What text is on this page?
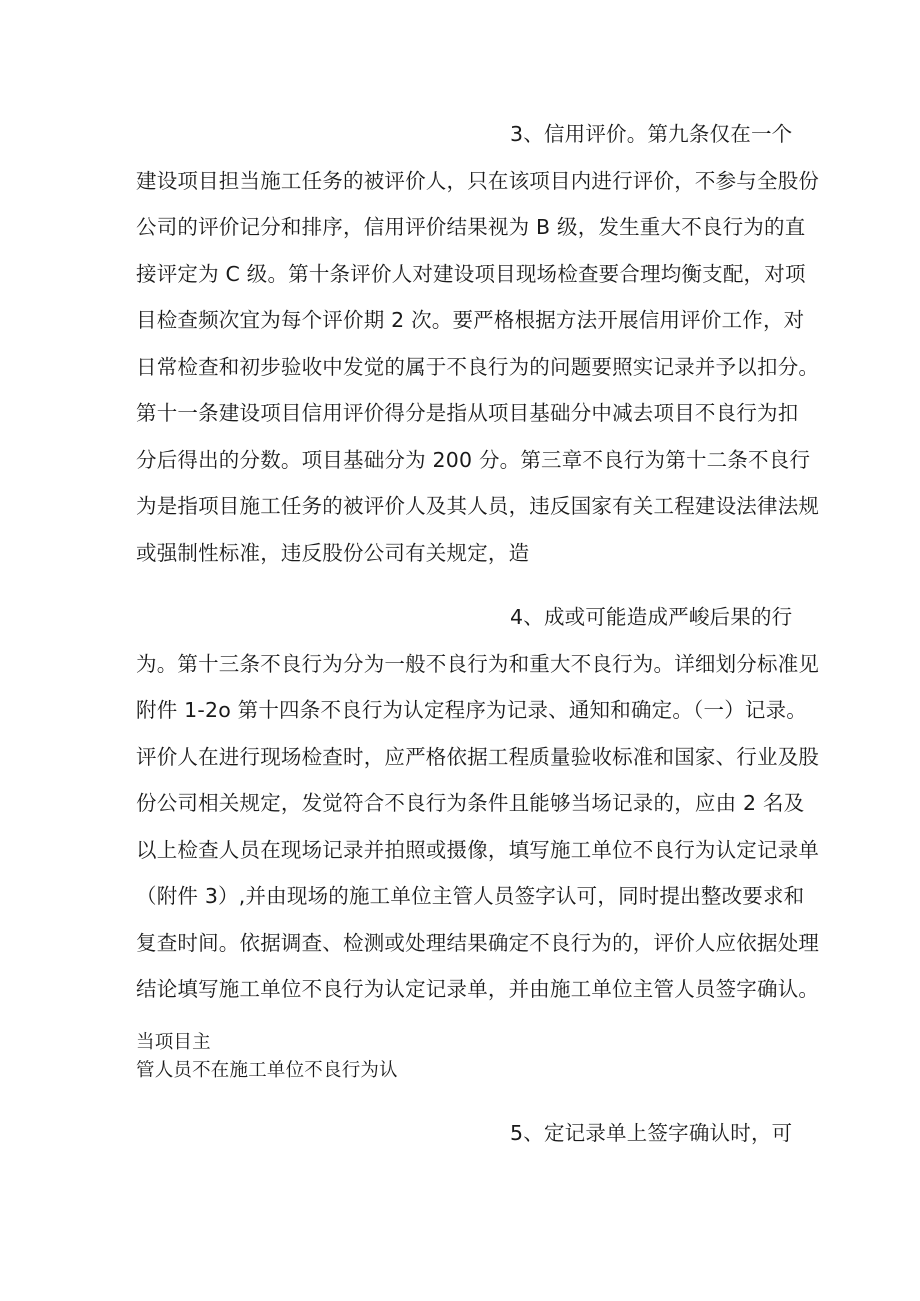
3、信用评价。第九条仅在一个
建设项目担当施工任务的被评价人，只在该项目内进行评价，不参与全股份
公司的评价记分和排序，信用评价结果视为 B 级，发生重大不良行为的直
接评定为 C 级。第十条评价人对建设项目现场检查要合理均衡支配，对项
目检查频次宜为每个评价期 2 次。要严格根据方法开展信用评价工作，对
日常检查和初步验收中发觉的属于不良行为的问题要照实记录并予以扣分。
第十一条建设项目信用评价得分是指从项目基础分中减去项目不良行为扣
分后得出的分数。项目基础分为 200 分。第三章不良行为第十二条不良行
为是指项目施工任务的被评价人及其人员，违反国家有关工程建设法律法规
或强制性标准，违反股份公司有关规定，造
4、成或可能造成严峻后果的行
为。第十三条不良行为分为一般不良行为和重大不良行为。详细划分标准见
附件 1-2o 第十四条不良行为认定程序为记录、通知和确定。（一）记录。
评价人在进行现场检查时，应严格依据工程质量验收标准和国家、行业及股
份公司相关规定，发觉符合不良行为条件且能够当场记录的，应由 2 名及
以上检查人员在现场记录并拍照或摄像，填写施工单位不良行为认定记录单
（附件 3）,并由现场的施工单位主管人员签字认可，同时提出整改要求和
复查时间。依据调查、检测或处理结果确定不良行为的，评价人应依据处理
结论填写施工单位不良行为认定记录单，并由施工单位主管人员签字确认。
当项目主
管人员不在施工单位不良行为认
5、定记录单上签字确认时，可
